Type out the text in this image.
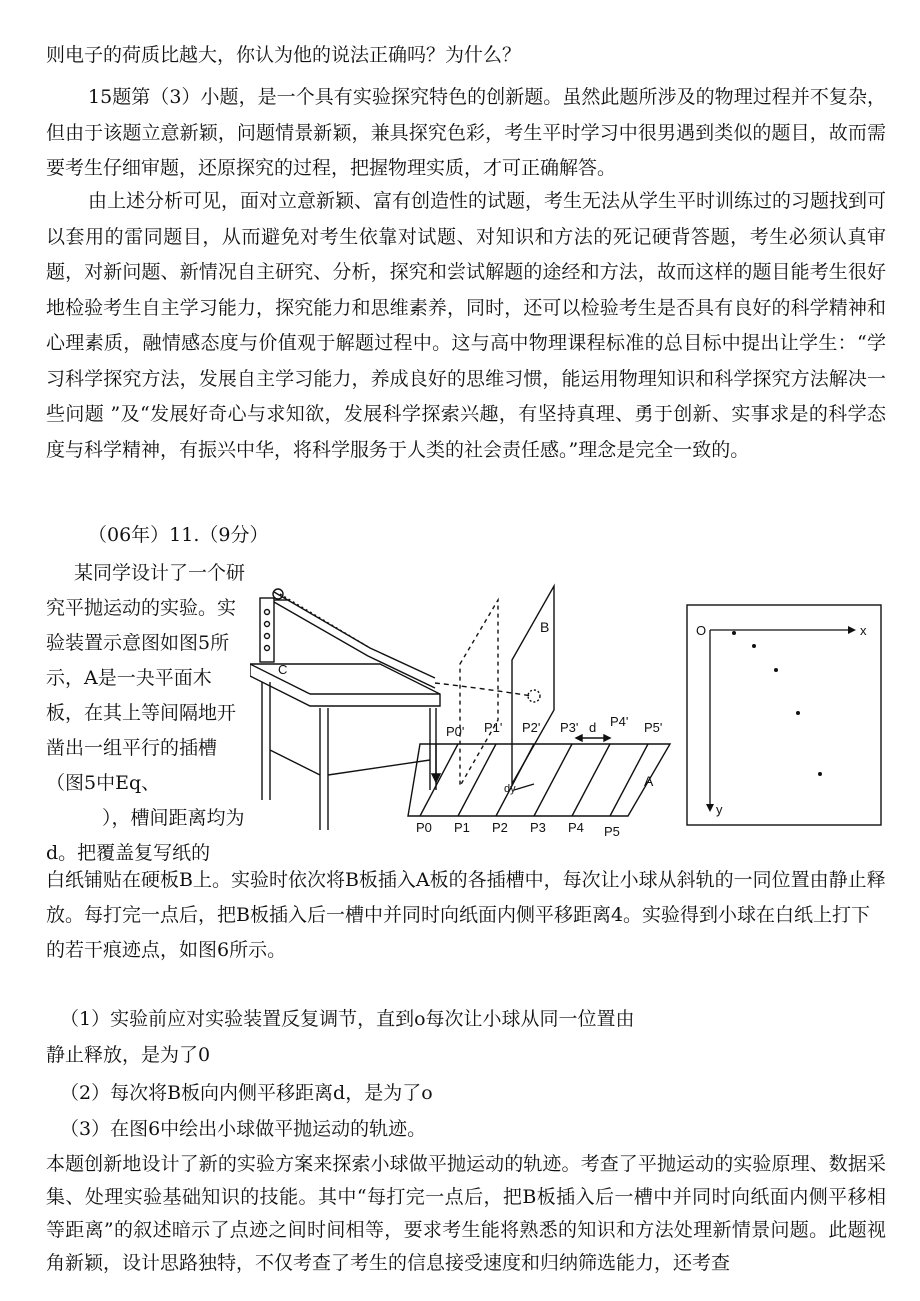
则电子的荷质比越大，你认为他的说法正确吗？为什么？

15题第（3）小题，是一个具有实验探究特色的创新题。虽然此题所涉及的物理过程并不复杂，但由于该题立意新颖，问题情景新颖，兼具探究色彩，考生平时学习中很男遇到类似的题目，故而需要考生仔细审题，还原探究的过程，把握物理实质，才可正确解答。

由上述分析可见，面对立意新颖、富有创造性的试题，考生无法从学生平时训练过的习题找到可以套用的雷同题目，从而避免对考生依靠对试题、对知识和方法的死记硬背答题，考生必须认真审题，对新问题、新情况自主研究、分析，探究和尝试解题的途经和方法，故而这样的题目能考生很好地检验考生自主学习能力，探究能力和思维素养，同时，还可以检验考生是否具有良好的科学精神和心理素质，融情感态度与价值观于解题过程中。这与高中物理课程标准的总目标中提出让学生：“学习科学探究方法，发展自主学习能力，养成良好的思维习惯，能运用物理知识和科学探究方法解决一些问题 ”及“发展好奇心与求知欲，发展科学探索兴趣，有坚持真理、勇于创新、实事求是的科学态度与科学精神，有振兴中华，将科学服务于人类的社会责任感。”理念是完全一致的。

（06年）11.（9分）

某同学设计了一个研究平抛运动的实验。实验装置示意图如图5所示，A是一夬平面木板，在其上等间隔地开凿出一组平行的插槽（图5中Eq、
），槽间距离均为d。把覆盖复写纸的

白纸铺贴在硬板B上。实验时依次将B板插入A板的各插槽中，每次让小球从斜轨的一同位置由静止释放。每打完一点后，把B板插入后一槽中并同时向纸面内侧平移距离4。实验得到小球在白纸上打下的若干痕迹点，如图6所示。

（1）实验前应对实验装置反复调节，直到o每次让小球从同一位置由

静止释放，是为了0

（2）每次将B板向内侧平移距离d，是为了o

（3）在图6中绘出小球做平抛运动的轨迹。

本题创新地设计了新的实验方案来探索小球做平抛运动的轨迹。考查了平抛运动的实验原理、数据采集、处理实验基础知识的技能。其中“每打完一点后，把B板插入后一槽中并同时向纸面内侧平移相等距离”的叙述暗示了点迹之间时间相等，要求考生能将熟悉的知识和方法处理新情景问题。此题视角新颖，设计思路独特，不仅考查了考生的信息接受速度和归纳筛选能力，还考查

C
B
A
d
dy
P0' P1' P2' P3' P4' P5'
P0 P1 P2 P3 P4 P5
O	x
y
